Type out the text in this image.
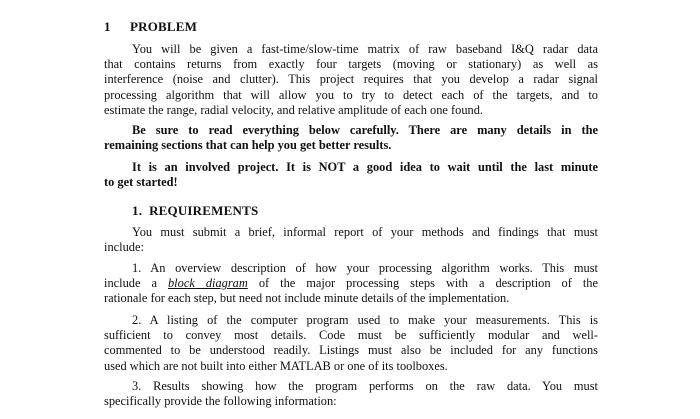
1 PROBLEM
You will be given a fast-time/slow-time matrix of raw baseband I&Q radar data
that contains returns from exactly four targets (moving or stationary) as well as
interference (noise and clutter). This project requires that you develop a radar signal
processing algorithm that will allow you to try to detect each of the targets, and to
estimate the range, radial velocity, and relative amplitude of each one found.
Be sure to read everything below carefully. There are many details in the
remaining sections that can help you get better results.
It is an involved project. It is NOT a good idea to wait until the last minute
to get started!
1. REQUIREMENTS
You must submit a brief, informal report of your methods and findings that must
include:
1. An overview description of how your processing algorithm works. This must
include a block diagram of the major processing steps with a description of the
rationale for each step, but need not include minute details of the implementation.
2. A listing of the computer program used to make your measurements. This is
sufficient to convey most details. Code must be sufficiently modular and well-
commented to be understood readily. Listings must also be included for any functions
used which are not built into either MATLAB or one of its toolboxes.
3. Results showing how the program performs on the raw data. You must
specifically provide the following information:
